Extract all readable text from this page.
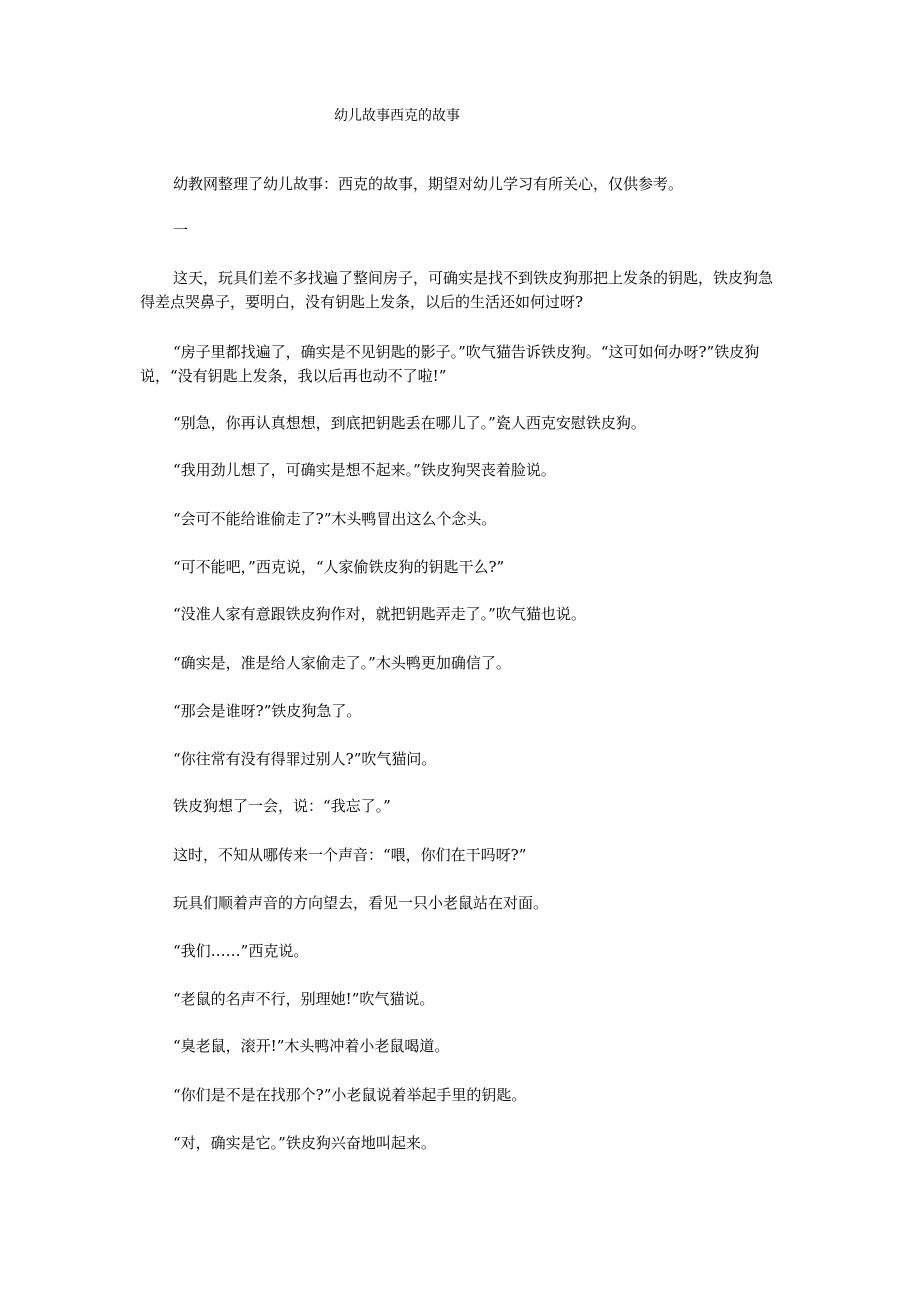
幼儿故事西克的故事

幼教网整理了幼儿故事：西克的故事，期望对幼儿学习有所关心，仅供参考。

一

这天，玩具们差不多找遍了整间房子，可确实是找不到铁皮狗那把上发条的钥匙，铁皮狗急得差点哭鼻子，要明白，没有钥匙上发条，以后的生活还如何过呀?

“房子里都找遍了，确实是不见钥匙的影子。”吹气猫告诉铁皮狗。“这可如何办呀?”铁皮狗说，“没有钥匙上发条，我以后再也动不了啦!”

“别急，你再认真想想，到底把钥匙丢在哪儿了。”瓷人西克安慰铁皮狗。

“我用劲儿想了，可确实是想不起来。”铁皮狗哭丧着脸说。

“会可不能给谁偷走了?”木头鸭冒出这么个念头。

“可不能吧，”西克说，“人家偷铁皮狗的钥匙干么?”

“没准人家有意跟铁皮狗作对，就把钥匙弄走了。”吹气猫也说。

“确实是，准是给人家偷走了。”木头鸭更加确信了。

“那会是谁呀?”铁皮狗急了。

“你往常有没有得罪过别人?”吹气猫问。

铁皮狗想了一会，说：“我忘了。”

这时，不知从哪传来一个声音：“喂，你们在干吗呀?”

玩具们顺着声音的方向望去，看见一只小老鼠站在对面。

“我们……”西克说。

“老鼠的名声不行，别理她!”吹气猫说。

“臭老鼠，滚开!”木头鸭冲着小老鼠喝道。

“你们是不是在找那个?”小老鼠说着举起手里的钥匙。

“对，确实是它。”铁皮狗兴奋地叫起来。
